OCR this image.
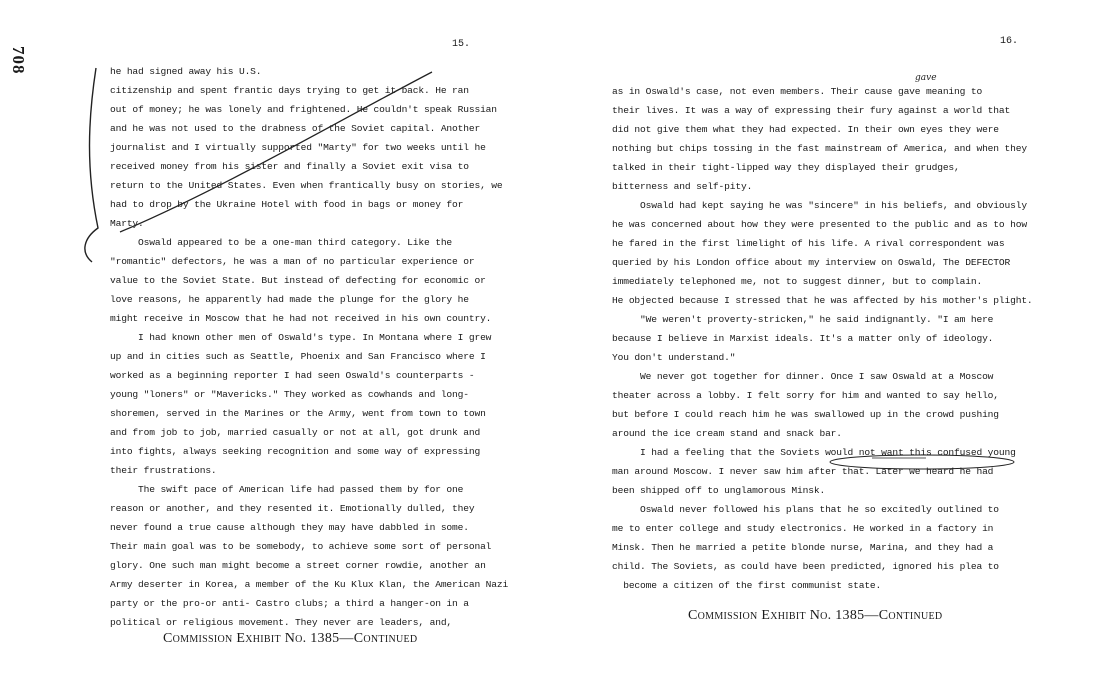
708
15.	16.
he had signed away his U.S.
citizenship and spent frantic days trying to get it back. He ran
out of money; he was lonely and frightened. He couldn't speak Russian
and he was not used to the drabness of the Soviet capital. Another
journalist and I virtually supported "Marty" for two weeks until he
received money from his sister and finally a Soviet exit visa to
return to the United States. Even when frantically busy on stories, we
had to drop by the Ukraine Hotel with food in bags or money for
Marty.
Oswald appeared to be a one-man third category. Like the
"romantic" defectors, he was a man of no particular experience or
value to the Soviet State. But instead of defecting for economic or
love reasons, he apparently had made the plunge for the glory he
might receive in Moscow that he had not received in his own country.
I had known other men of Oswald's type. In Montana where I grew
up and in cities such as Seattle, Phoenix and San Francisco where I
worked as a beginning reporter I had seen Oswald's counterparts -
young "loners" or "Mavericks." They worked as cowhands and long-
shoremen, served in the Marines or the Army, went from town to town
and from job to job, married casually or not at all, got drunk and
into fights, always seeking recognition and some way of expressing
their frustrations.
The swift pace of American life had passed them by for one
reason or another, and they resented it. Emotionally dulled, they
never found a true cause although they may have dabbled in some.
Their main goal was to be somebody, to achieve some sort of personal
glory. One such man might become a street corner rowdie, another an
Army deserter in Korea, a member of the Ku Klux Klan, the American Nazi
party or the pro-or anti- Castro clubs; a third a hanger-on in a
political or religious movement. They never are leaders, and,
as in Oswald's case, not even members. Their cause gave meaning to
their lives. It was a way of expressing their fury against a world that
did not give them what they had expected. In their own eyes they were
nothing but chips tossing in the fast mainstream of America, and when they
talked in their tight-lipped way they displayed their grudges,
bitterness and self-pity.
Oswald had kept saying he was "sincere" in his beliefs, and obviously
he was concerned about how they were presented to the public and as to how
he fared in the first limelight of his life. A rival correspondent was
queried by his London office about my interview on Oswald, The DEFECTOR
immediately telephoned me, not to suggest dinner, but to complain.
He objected because I stressed that he was affected by his mother's plight.
"We weren't proverty-stricken," he said indignantly. "I am here
because I believe in Marxist ideals. It's a matter only of ideology.
You don't understand."
We never got together for dinner. Once I saw Oswald at a Moscow
theater across a lobby. I felt sorry for him and wanted to say hello,
but before I could reach him he was swallowed up in the crowd pushing
around the ice cream stand and snack bar.
I had a feeling that the Soviets would not want this confused young
man around Moscow. I never saw him after that. Later we heard he had
been shipped off to unglamorous Minsk.
Oswald never followed his plans that he so excitedly outlined to
me to enter college and study electronics. He worked in a factory in
Minsk. Then he married a petite blonde nurse, Marina, and they had a
child. The Soviets, as could have been predicted, ignored his plea to
become a citizen of the first communist state.
Commission Exhibit No. 1385—Continued
Commission Exhibit No. 1385—Continued
gave
